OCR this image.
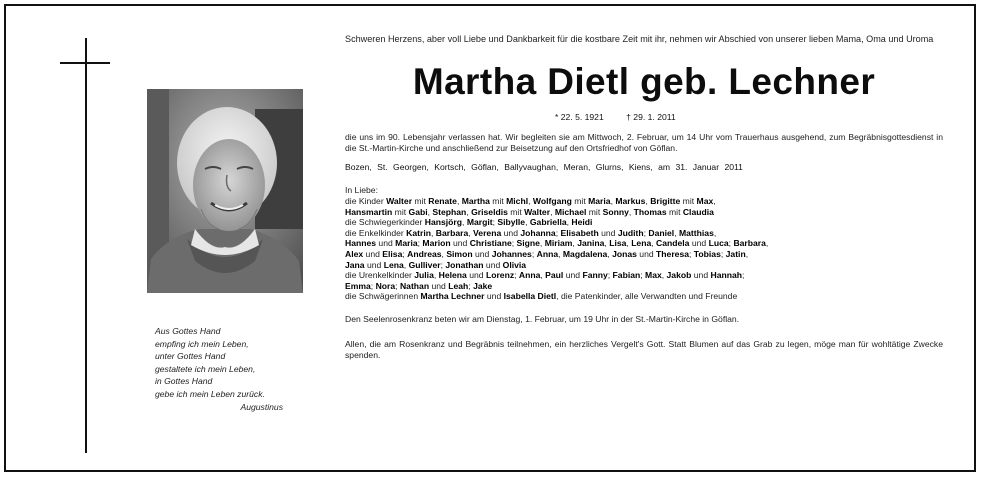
Aus Gottes Hand
empfing ich mein Leben,
unter Gottes Hand
gestaltete ich mein Leben,
in Gottes Hand
gebe ich mein Leben zurück.
Augustinus
Schweren Herzens, aber voll Liebe und Dankbarkeit für die kostbare Zeit mit ihr, nehmen wir Abschied von unserer lieben Mama, Oma und Uroma
Martha Dietl geb. Lechner
* 22. 5. 1921	† 29. 1. 2011
die uns im 90. Lebensjahr verlassen hat. Wir begleiten sie am Mittwoch, 2. Februar, um 14 Uhr vom Trauerhaus ausgehend, zum Begräbnisgottesdienst in die St.-Martin-Kirche und anschließend zur Beisetzung auf den Ortsfriedhof von Göflan.
Bozen, St. Georgen, Kortsch, Göflan, Ballyvaughan, Meran, Glurns, Kiens, am 31. Januar 2011
In Liebe:
die Kinder Walter mit Renate, Martha mit Michl, Wolfgang mit Maria, Markus, Brigitte mit Max,
Hansmartin mit Gabi, Stephan, Griseldis mit Walter, Michael mit Sonny, Thomas mit Claudia
die Schwiegerkinder Hansjörg, Margit; Sibylle, Gabriella, Heidi
die Enkelkinder Katrin, Barbara, Verena und Johanna; Elisabeth und Judith; Daniel, Matthias,
Hannes und Maria; Marion und Christiane; Signe, Miriam, Janina, Lisa, Lena, Candela und Luca; Barbara,
Alex und Elisa; Andreas, Simon und Johannes; Anna, Magdalena, Jonas und Theresa; Tobias; Jatin,
Jana und Lena, Gulliver; Jonathan und Olivia
die Urenkelkinder Julia, Helena und Lorenz; Anna, Paul und Fanny; Fabian; Max, Jakob und Hannah;
Emma; Nora; Nathan und Leah; Jake
die Schwägerinnen Martha Lechner und Isabella Dietl, die Patenkinder, alle Verwandten und Freunde
Den Seelenrosenkranz beten wir am Dienstag, 1. Februar, um 19 Uhr in der St.-Martin-Kirche in Göflan.
Allen, die am Rosenkranz und Begräbnis teilnehmen, ein herzliches Vergelt's Gott. Statt Blumen auf das Grab zu legen, möge man für wohltätige Zwecke spenden.
